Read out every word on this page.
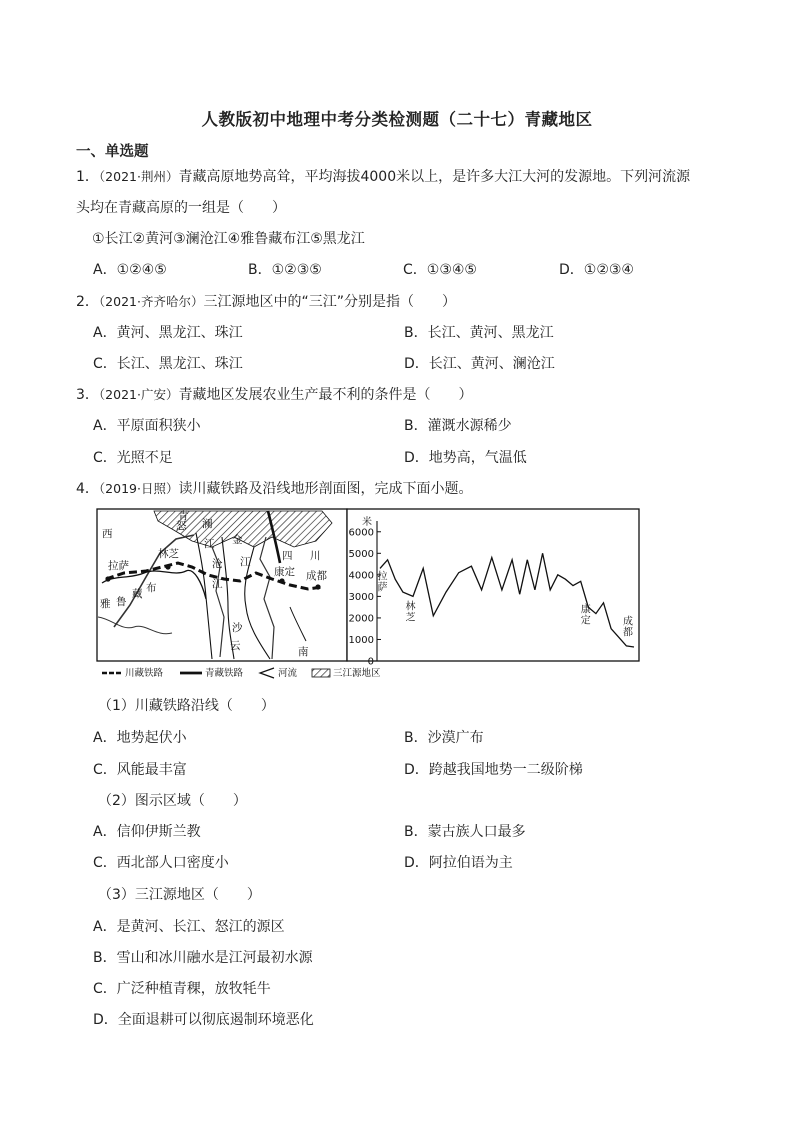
人教版初中地理中考分类检测题（二十七）青藏地区
一、单选题
1．（2021·荆州）青藏高原地势高耸，平均海拔4000米以上，是许多大江大河的发源地。下列河流源
头均在青藏高原的一组是（　　）
①长江②黄河③澜沧江④雅鲁藏布江⑤黑龙江
A．①②④⑤	B．①②③⑤	C．①③④⑤	D．①②③④
2．（2021·齐齐哈尔）三江源地区中的“三江”分别是指（　　）
A．黄河、黑龙江、珠江	B．长江、黄河、黑龙江
C．长江、黑龙江、珠江	D．长江、黄河、澜沧江
3．（2021·广安）青藏地区发展农业生产最不利的条件是（　　）
A．平原面积狭小	B．灌溉水源稀少
C．光照不足	D．地势高，气温低
4．（2019·日照）读川藏铁路及沿线地形剖面图，完成下面小题。
西
雅 鲁
藏 布
怒 澜
江
沧
江
金
沙
江	四 川
云	南
青
拉萨
林芝
康定 成都
米
0
1000
2000
3000
4000
5000
6000
拉萨
林芝
康定	成都
川藏铁路	青藏铁路	河流	三江源地区
（1）川藏铁路沿线（　　）
A．地势起伏小	B．沙漠广布
C．风能最丰富	D．跨越我国地势一二级阶梯
（2）图示区域（　　）
A．信仰伊斯兰教	B．蒙古族人口最多
C．西北部人口密度小	D．阿拉伯语为主
（3）三江源地区（　　）
A．是黄河、长江、怒江的源区
B．雪山和冰川融水是江河最初水源
C．广泛种植青稞，放牧牦牛
D．全面退耕可以彻底遏制环境恶化
